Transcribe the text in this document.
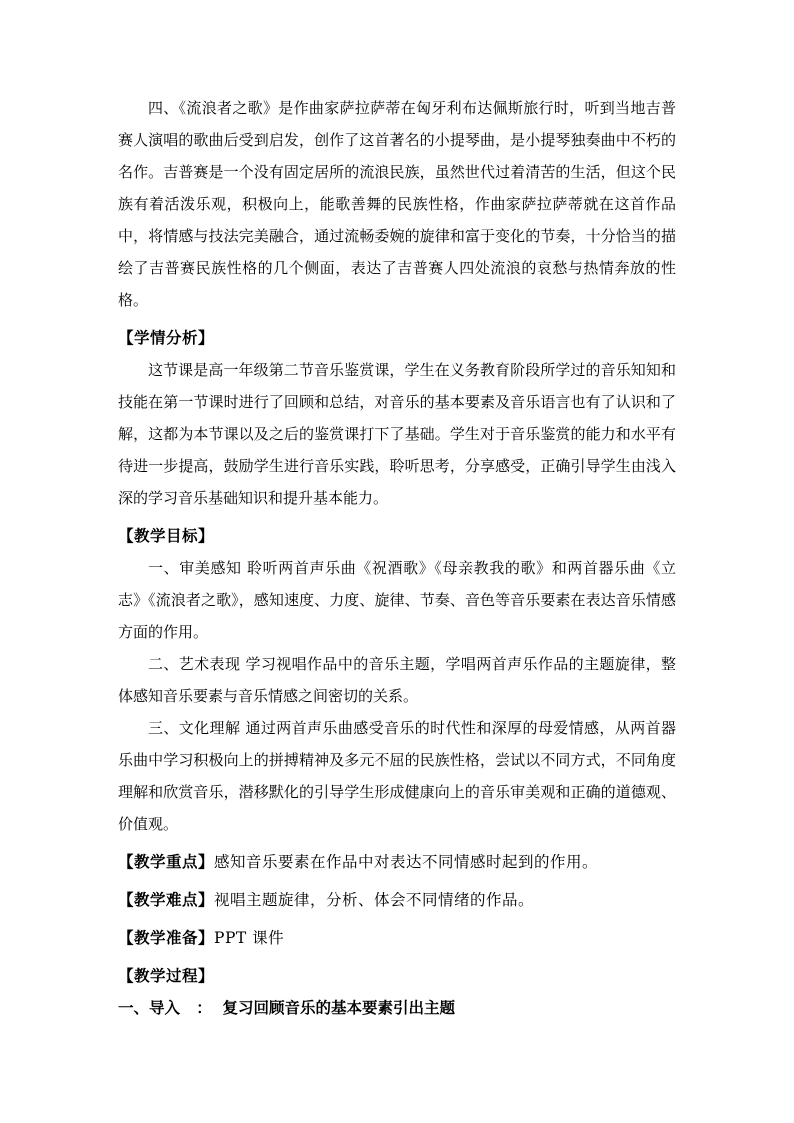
四、《流浪者之歌》是作曲家萨拉萨蒂在匈牙利布达佩斯旅行时，听到当地吉普赛人演唱的歌曲后受到启发，创作了这首著名的小提琴曲，是小提琴独奏曲中不朽的名作。吉普赛是一个没有固定居所的流浪民族，虽然世代过着清苦的生活，但这个民族有着活泼乐观，积极向上，能歌善舞的民族性格，作曲家萨拉萨蒂就在这首作品中，将情感与技法完美融合，通过流畅委婉的旋律和富于变化的节奏，十分恰当的描绘了吉普赛民族性格的几个侧面，表达了吉普赛人四处流浪的哀愁与热情奔放的性格。

【学情分析】

这节课是高一年级第二节音乐鉴赏课，学生在义务教育阶段所学过的音乐知知和技能在第一节课时进行了回顾和总结，对音乐的基本要素及音乐语言也有了认识和了解，这都为本节课以及之后的鉴赏课打下了基础。学生对于音乐鉴赏的能力和水平有待进一步提高，鼓励学生进行音乐实践，聆听思考，分享感受，正确引导学生由浅入深的学习音乐基础知识和提升基本能力。

【教学目标】

一、审美感知 聆听两首声乐曲《祝酒歌》《母亲教我的歌》和两首器乐曲《立志》《流浪者之歌》，感知速度、力度、旋律、节奏、音色等音乐要素在表达音乐情感方面的作用。

二、艺术表现 学习视唱作品中的音乐主题，学唱两首声乐作品的主题旋律，整体感知音乐要素与音乐情感之间密切的关系。

三、文化理解 通过两首声乐曲感受音乐的时代性和深厚的母爱情感，从两首器乐曲中学习积极向上的拼搏精神及多元不屈的民族性格，尝试以不同方式，不同角度理解和欣赏音乐，潜移默化的引导学生形成健康向上的音乐审美观和正确的道德观、价值观。

【教学重点】感知音乐要素在作品中对表达不同情感时起到的作用。

【教学难点】视唱主题旋律，分析、体会不同情绪的作品。

【教学准备】PPT 课件

【教学过程】

一、导入   ：  复习回顾音乐的基本要素引出主题
